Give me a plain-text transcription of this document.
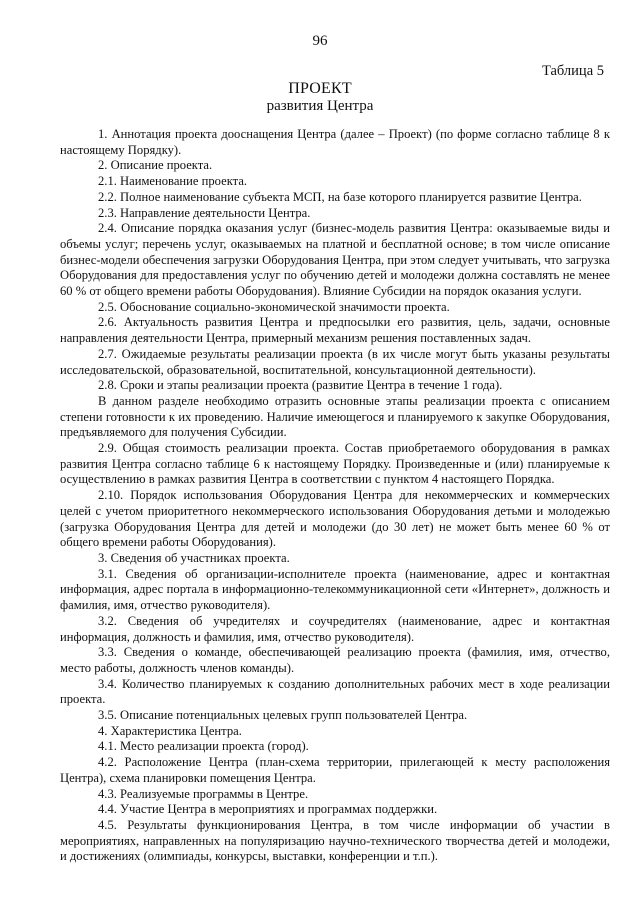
96
Таблица 5
ПРОЕКТ
развития Центра

1. Аннотация проекта дооснащения Центра (далее – Проект) (по форме согласно таблице 8 к настоящему Порядку).

2. Описание проекта.

2.1. Наименование проекта.

2.2. Полное наименование субъекта МСП, на базе которого планируется развитие Центра.

2.3. Направление деятельности Центра.

2.4. Описание порядка оказания услуг (бизнес-модель развития Центра: оказываемые виды и объемы услуг; перечень услуг, оказываемых на платной и бесплатной основе; в том числе описание бизнес-модели обеспечения загрузки Оборудования Центра, при этом следует учитывать, что загрузка Оборудования для предоставления услуг по обучению детей и молодежи должна составлять не менее 60 % от общего времени работы Оборудования). Влияние Субсидии на порядок оказания услуги.

2.5. Обоснование социально-экономической значимости проекта.

2.6. Актуальность развития Центра и предпосылки его развития, цель, задачи, основные направления деятельности Центра, примерный механизм решения поставленных задач.

2.7. Ожидаемые результаты реализации проекта (в их числе могут быть указаны результаты исследовательской, образовательной, воспитательной, консультационной деятельности).

2.8. Сроки и этапы реализации проекта (развитие Центра в течение 1 года).

В данном разделе необходимо отразить основные этапы реализации проекта с описанием степени готовности к их проведению. Наличие имеющегося и планируемого к закупке Оборудования, предъявляемого для получения Субсидии.

2.9. Общая стоимость реализации проекта. Состав приобретаемого оборудования в рамках развития Центра согласно таблице 6 к настоящему Порядку. Произведенные и (или) планируемые к осуществлению в рамках развития Центра в соответствии с пунктом 4 настоящего Порядка.

2.10. Порядок использования Оборудования Центра для некоммерческих и коммерческих целей с учетом приоритетного некоммерческого использования Оборудования детьми и молодежью (загрузка Оборудования Центра для детей и молодежи (до 30 лет) не может быть менее 60 % от общего времени работы Оборудования).

3. Сведения об участниках проекта.

3.1. Сведения об организации-исполнителе проекта (наименование, адрес и контактная информация, адрес портала в информационно-телекоммуникационной сети «Интернет», должность и фамилия, имя, отчество руководителя).

3.2. Сведения об учредителях и соучредителях (наименование, адрес и контактная информация, должность и фамилия, имя, отчество руководителя).

3.3. Сведения о команде, обеспечивающей реализацию проекта (фамилия, имя, отчество, место работы, должность членов команды).

3.4. Количество планируемых к созданию дополнительных рабочих мест в ходе реализации проекта.

3.5. Описание потенциальных целевых групп пользователей Центра.

4. Характеристика Центра.

4.1. Место реализации проекта (город).

4.2. Расположение Центра (план-схема территории, прилегающей к месту расположения Центра), схема планировки помещения Центра.

4.3. Реализуемые программы в Центре.

4.4. Участие Центра в мероприятиях и программах поддержки.

4.5. Результаты функционирования Центра, в том числе информации об участии в мероприятиях, направленных на популяризацию научно-технического творчества детей и молодежи, и достижениях (олимпиады, конкурсы, выставки, конференции и т.п.).
